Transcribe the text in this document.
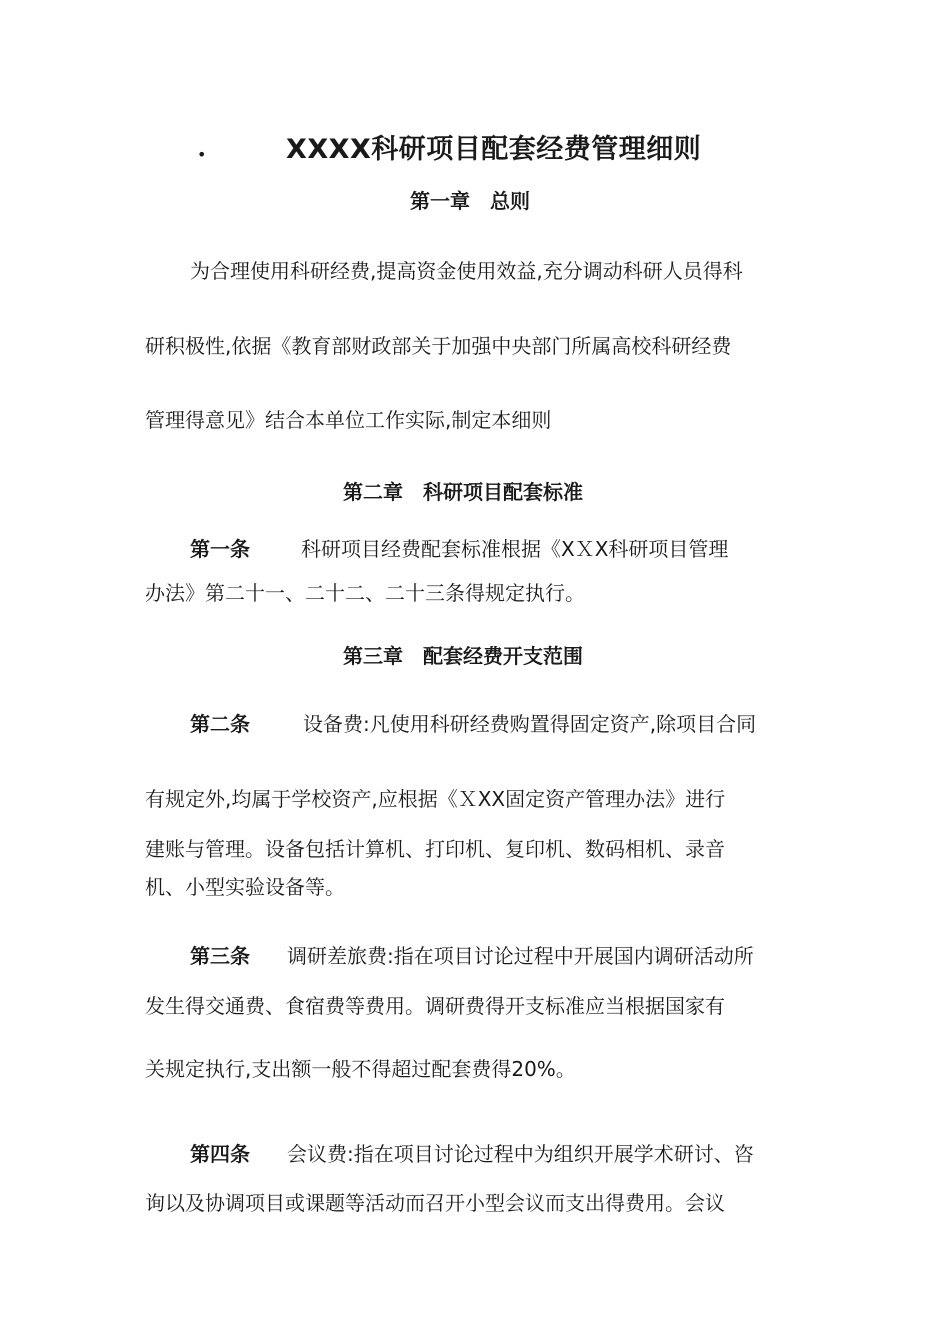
•	XXXX科研项目配套经费管理细则
第一章　总则
为合理使用科研经费,提高资金使用效益,充分调动科研人员得科
研积极性,依据《教育部财政部关于加强中央部门所属高校科研经费
管理得意见》结合本单位工作实际,制定本细则
第二章　科研项目配套标准
第一条	科研项目经费配套标准根据《XＸX科研项目管理
办法》第二十一、二十二、二十三条得规定执行。
第三章　配套经费开支范围
第二条	设备费:凡使用科研经费购置得固定资产,除项目合同
有规定外,均属于学校资产,应根据《ＸXX固定资产管理办法》进行
建账与管理。设备包括计算机、打印机、复印机、数码相机、录音
机、小型实验设备等。
第三条 调研差旅费:指在项目讨论过程中开展国内调研活动所
发生得交通费、食宿费等费用。调研费得开支标准应当根据国家有
关规定执行,支出额一般不得超过配套费得20%。
第四条 会议费:指在项目讨论过程中为组织开展学术研讨、咨
询以及协调项目或课题等活动而召开小型会议而支出得费用。会议
